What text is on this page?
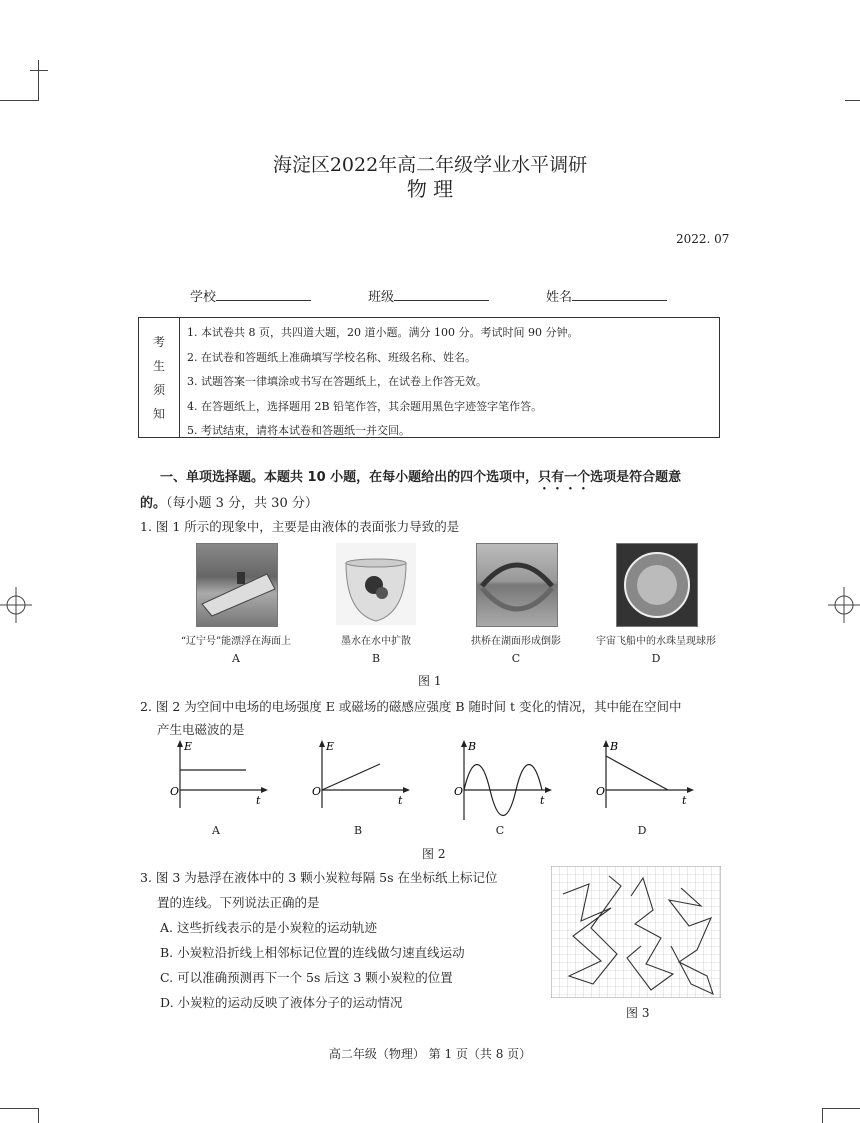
海淀区2022年高二年级学业水平调研
物 理
2022. 07
学校	班级	姓名
考
生
须
知
1. 本试卷共 8 页，共四道大题，20 道小题。满分 100 分。考试时间 90 分钟。
2. 在试卷和答题纸上准确填写学校名称、班级名称、姓名。
3. 试题答案一律填涂或书写在答题纸上，在试卷上作答无效。
4. 在答题纸上，选择题用 2B 铅笔作答，其余题用黑色字迹签字笔作答。
5. 考试结束，请将本试卷和答题纸一并交回。
一、单项选择题。本题共 10 小题，在每小题给出的四个选项中，只有一个选项是符合题意
的。（每小题 3 分，共 30 分）
1. 图 1 所示的现象中，主要是由液体的表面张力导致的是
“辽宁号”能漂浮在海面上	墨水在水中扩散	拱桥在湖面形成倒影	宇宙飞船中的水珠呈现球形
A	B	C	D
图 1
2. 图 2 为空间中电场的电场强度 E 或磁场的磁感应强度 B 随时间 t 变化的情况，其中能在空间中
产生电磁波的是
E
O
t
A
E
O
t
B
B
O
t
C
B
O
t
D
图 2
3. 图 3 为悬浮在液体中的 3 颗小炭粒每隔 5s 在坐标纸上标记位
置的连线。下列说法正确的是
A. 这些折线表示的是小炭粒的运动轨迹
B. 小炭粒沿折线上相邻标记位置的连线做匀速直线运动
C. 可以准确预测再下一个 5s 后这 3 颗小炭粒的位置
D. 小炭粒的运动反映了液体分子的运动情况
图 3
高二年级（物理） 第 1 页（共 8 页）
